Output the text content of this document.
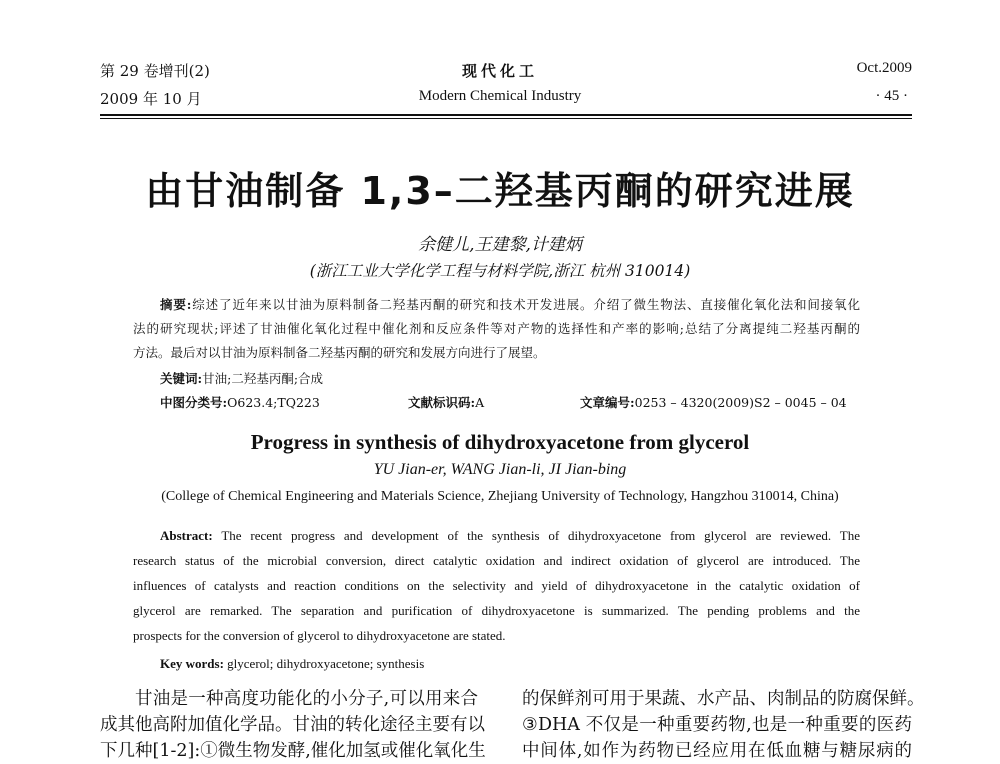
第 29 卷增刊(2)
2009 年 10 月
现代化工
Modern Chemical Industry
Oct.2009
· 45 ·
由甘油制备 1,3–二羟基丙酮的研究进展
余健儿,王建黎,计建炳
(浙江工业大学化学工程与材料学院,浙江 杭州 310014)
摘要:综述了近年来以甘油为原料制备二羟基丙酮的研究和技术开发进展。介绍了微生物法、直接催化氧化法和间接氧化
法的研究现状;评述了甘油催化氧化过程中催化剂和反应条件等对产物的选择性和产率的影响;总结了分离提纯二羟基丙酮的
方法。最后对以甘油为原料制备二羟基丙酮的研究和发展方向进行了展望。
关键词:甘油;二羟基丙酮;合成
中图分类号:O623.4;TQ223	文献标识码:A	文章编号:0253 – 4320(2009)S2 – 0045 – 04
Progress in synthesis of dihydroxyacetone from glycerol
YU Jian-er, WANG Jian-li, JI Jian-bing
(College of Chemical Engineering and Materials Science, Zhejiang University of Technology, Hangzhou 310014, China)
Abstract: The recent progress and development of the synthesis of dihydroxyacetone from glycerol are reviewed. The
research status of the microbial conversion, direct catalytic oxidation and indirect oxidation of glycerol are introduced. The
influences of catalysts and reaction conditions on the selectivity and yield of dihydroxyacetone in the catalytic oxidation of
glycerol are remarked. The separation and purification of dihydroxyacetone is summarized. The pending problems and the
prospects for the conversion of glycerol to dihydroxyacetone are stated.
Key words: glycerol; dihydroxyacetone; synthesis
甘油是一种高度功能化的小分子,可以用来合
成其他高附加值化学品。甘油的转化途径主要有以
下几种[1-2]:①微生物发酵,催化加氢或催化氧化生
的保鲜剂可用于果蔬、水产品、肉制品的防腐保鲜。
③DHA 不仅是一种重要药物,也是一种重要的医药
中间体,如作为药物已经应用在低血糖与糖尿病的
